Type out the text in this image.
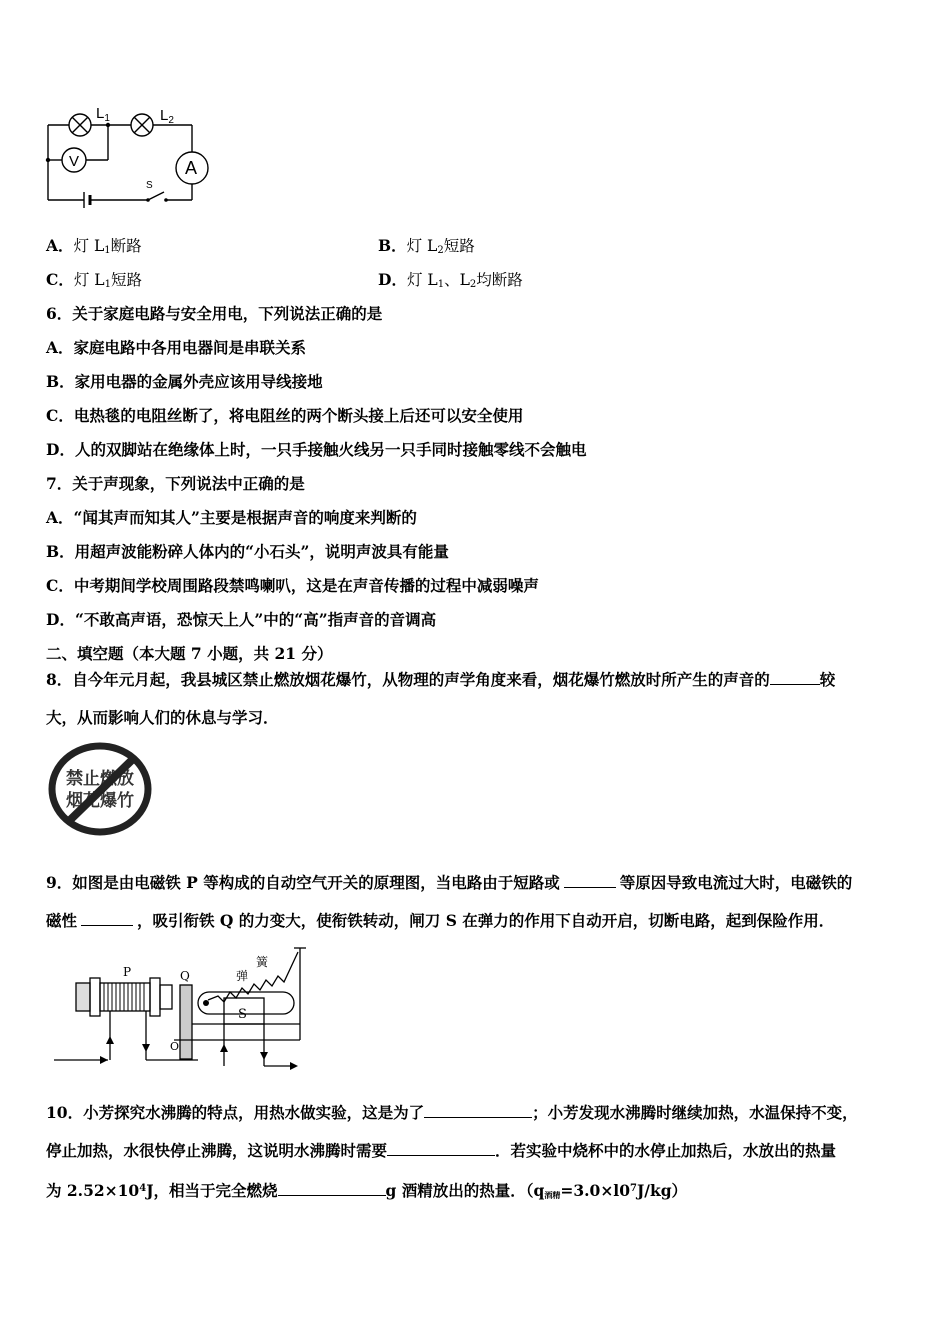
$L_1$	$L_2$
V	A
S
A．灯 $L_1$断路	B．灯 $L_2$短路
C．灯 $L_1$短路	D．灯 $L_1$、$L_2$均断路
6．关于家庭电路与安全用电，下列说法正确的是
A．家庭电路中各用电器间是串联关系
B．家用电器的金属外壳应该用导线接地
C．电热毯的电阻丝断了，将电阻丝的两个断头接上后还可以安全使用
D．人的双脚站在绝缘体上时，一只手接触火线另一只手同时接触零线不会触电
7．关于声现象，下列说法中正确的是
A．“闻其声而知其人”主要是根据声音的响度来判断的
B．用超声波能粉碎人体内的“小石头”，说明声波具有能量
C．中考期间学校周围路段禁鸣喇叭，这是在声音传播的过程中减弱噪声
D．“不敢高声语，恐惊天上人”中的“高”指声音的音调高
二、填空题（本大题 7 小题，共 21 分）
8．自今年元月起，我县城区禁止燃放烟花爆竹，从物理的声学角度来看，烟花爆竹燃放时所产生的声音的	较
大，从而影响人们的休息与学习．
禁止燃放
烟花爆竹
9．如图是由电磁铁 P 等构成的自动空气开关的原理图，当电路由于短路或	等原因导致电流过大时，电磁铁的
磁性	，吸引衔铁 Q 的力变大，使衔铁转动，闸刀 S 在弹力的作用下自动开启，切断电路，起到保险作用．
P	Q
O
S
弹
簧
10．小芳探究水沸腾的特点，用热水做实验，这是为了	；小芳发现水沸腾时继续加热，水温保持不变，
停止加热，水很快停止沸腾，这说明水沸腾时需要	．若实验中烧杯中的水停止加热后，水放出的热量
为 $2.52\times 10^4J$，相当于完全燃烧	g 酒精放出的热量．$(q_{酒精}=3.0\times l0^7J/kg)$
